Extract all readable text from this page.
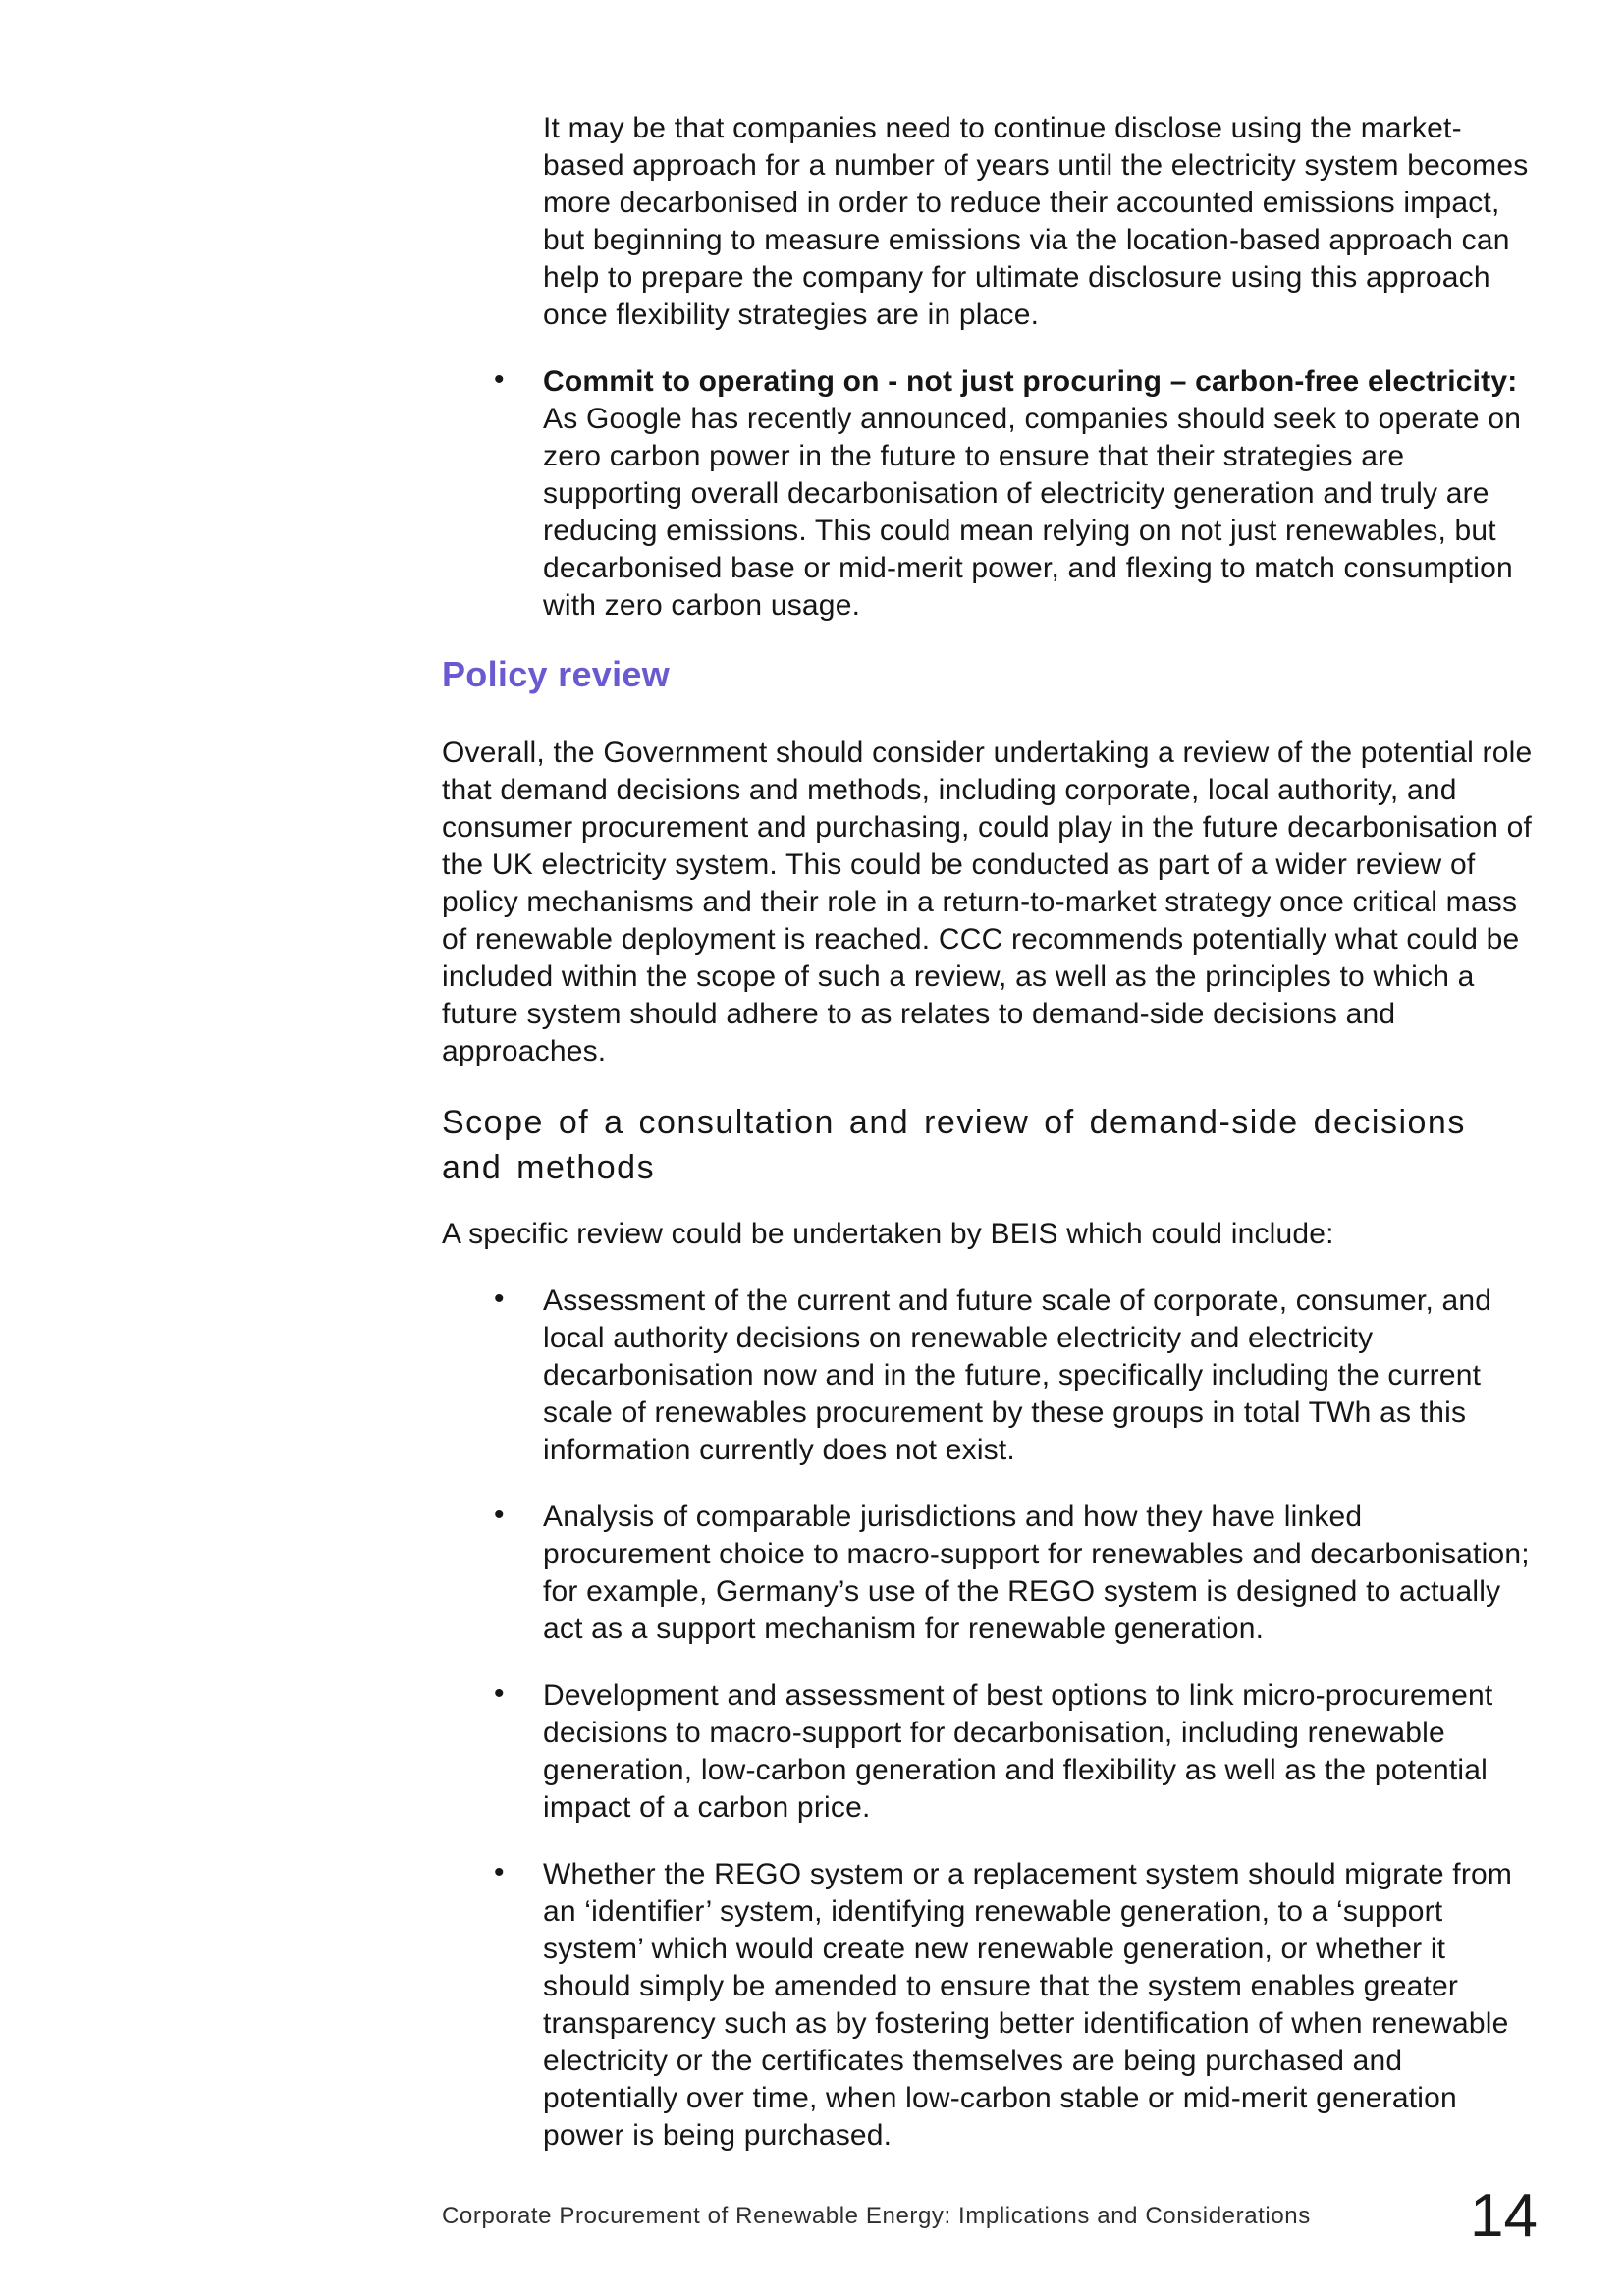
It may be that companies need to continue disclose using the market-based approach for a number of years until the electricity system becomes more decarbonised in order to reduce their accounted emissions impact, but beginning to measure emissions via the location-based approach can help to prepare the company for ultimate disclosure using this approach once flexibility strategies are in place.

• Commit to operating on - not just procuring – carbon-free electricity: As Google has recently announced, companies should seek to operate on zero carbon power in the future to ensure that their strategies are supporting overall decarbonisation of electricity generation and truly are reducing emissions. This could mean relying on not just renewables, but decarbonised base or mid-merit power, and flexing to match consumption with zero carbon usage.
Policy review

Overall, the Government should consider undertaking a review of the potential role that demand decisions and methods, including corporate, local authority, and consumer procurement and purchasing, could play in the future decarbonisation of the UK electricity system. This could be conducted as part of a wider review of policy mechanisms and their role in a return-to-market strategy once critical mass of renewable deployment is reached. CCC recommends potentially what could be included within the scope of such a review, as well as the principles to which a future system should adhere to as relates to demand-side decisions and approaches.

Scope of a consultation and review of demand-side decisions and methods

A specific review could be undertaken by BEIS which could include:

• Assessment of the current and future scale of corporate, consumer, and local authority decisions on renewable electricity and electricity decarbonisation now and in the future, specifically including the current scale of renewables procurement by these groups in total TWh as this information currently does not exist.
• Analysis of comparable jurisdictions and how they have linked procurement choice to macro-support for renewables and decarbonisation; for example, Germany’s use of the REGO system is designed to actually act as a support mechanism for renewable generation.
• Development and assessment of best options to link micro-procurement decisions to macro-support for decarbonisation, including renewable generation, low-carbon generation and flexibility as well as the potential impact of a carbon price.
• Whether the REGO system or a replacement system should migrate from an ‘identifier’ system, identifying renewable generation, to a ‘support system’ which would create new renewable generation, or whether it should simply be amended to ensure that the system enables greater transparency such as by fostering better identification of when renewable electricity or the certificates themselves are being purchased and potentially over time, when low-carbon stable or mid-merit generation power is being purchased.
Corporate Procurement of Renewable Energy: Implications and Considerations	14
